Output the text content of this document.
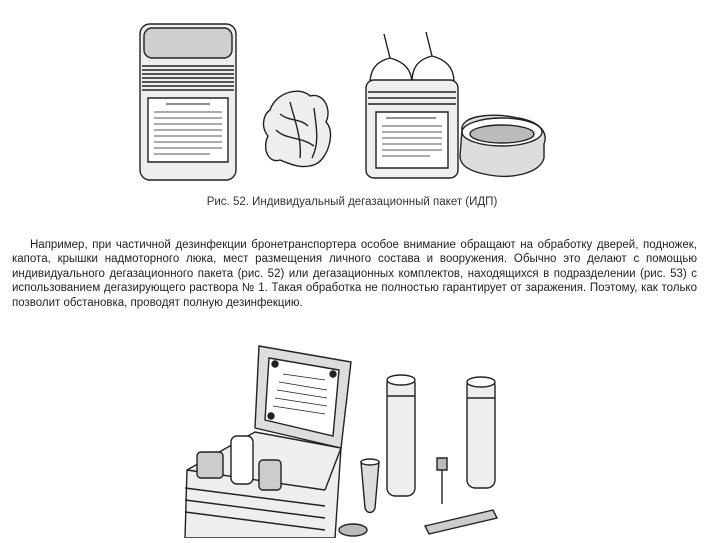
Рис. 52. Индивидуальный дегазационный пакет (ИДП)
Например, при частичной дезинфекции бронетранспортера особое внимание обращают на обработку дверей, подножек, капота, крышки надмоторного люка, мест размещения личного состава и вооружения. Обычно это делают с помощью индивидуального дегазационного пакета (рис. 52) или дегазационных комплектов, находящихся в подразделении (рис. 53) с использованием дегазирующего раствора № 1. Такая обработка не полностью гарантирует от заражения. Поэтому, как только позволит обстановка, проводят полную дезинфекцию.
